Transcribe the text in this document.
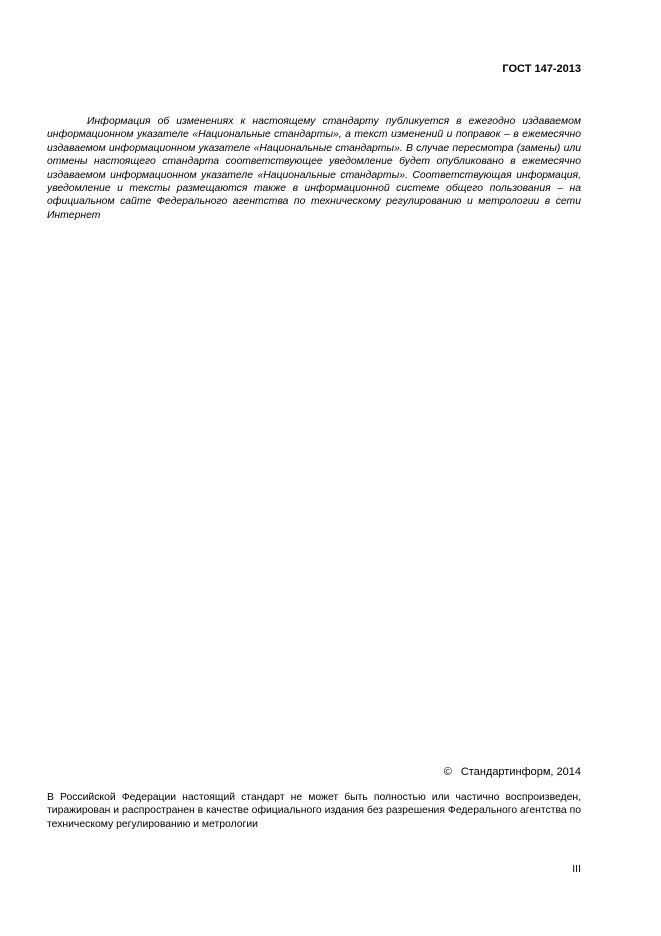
ГОСТ 147-2013

Информация об изменениях к настоящему стандарту публикуется в ежегодно издаваемом информационном указателе «Национальные стандарты», а текст изменений и поправок – в ежемесячно издаваемом информационном указателе «Национальные стандарты». В случае пересмотра (замены) или отмены настоящего стандарта соответствующее уведомление будет опубликовано в ежемесячно издаваемом информационном указателе «Национальные стандарты». Соответствующая информация, уведомление и тексты размещаются также в информационной системе общего пользования – на официальном сайте Федерального агентства по техническому регулированию и метрологии в сети Интернет

© Стандартинформ, 2014

В Российской Федерации настоящий стандарт не может быть полностью или частично воспроизведен, тиражирован и распространен в качестве официального издания без разрешения Федерального агентства по техническому регулированию и метрологии

III
